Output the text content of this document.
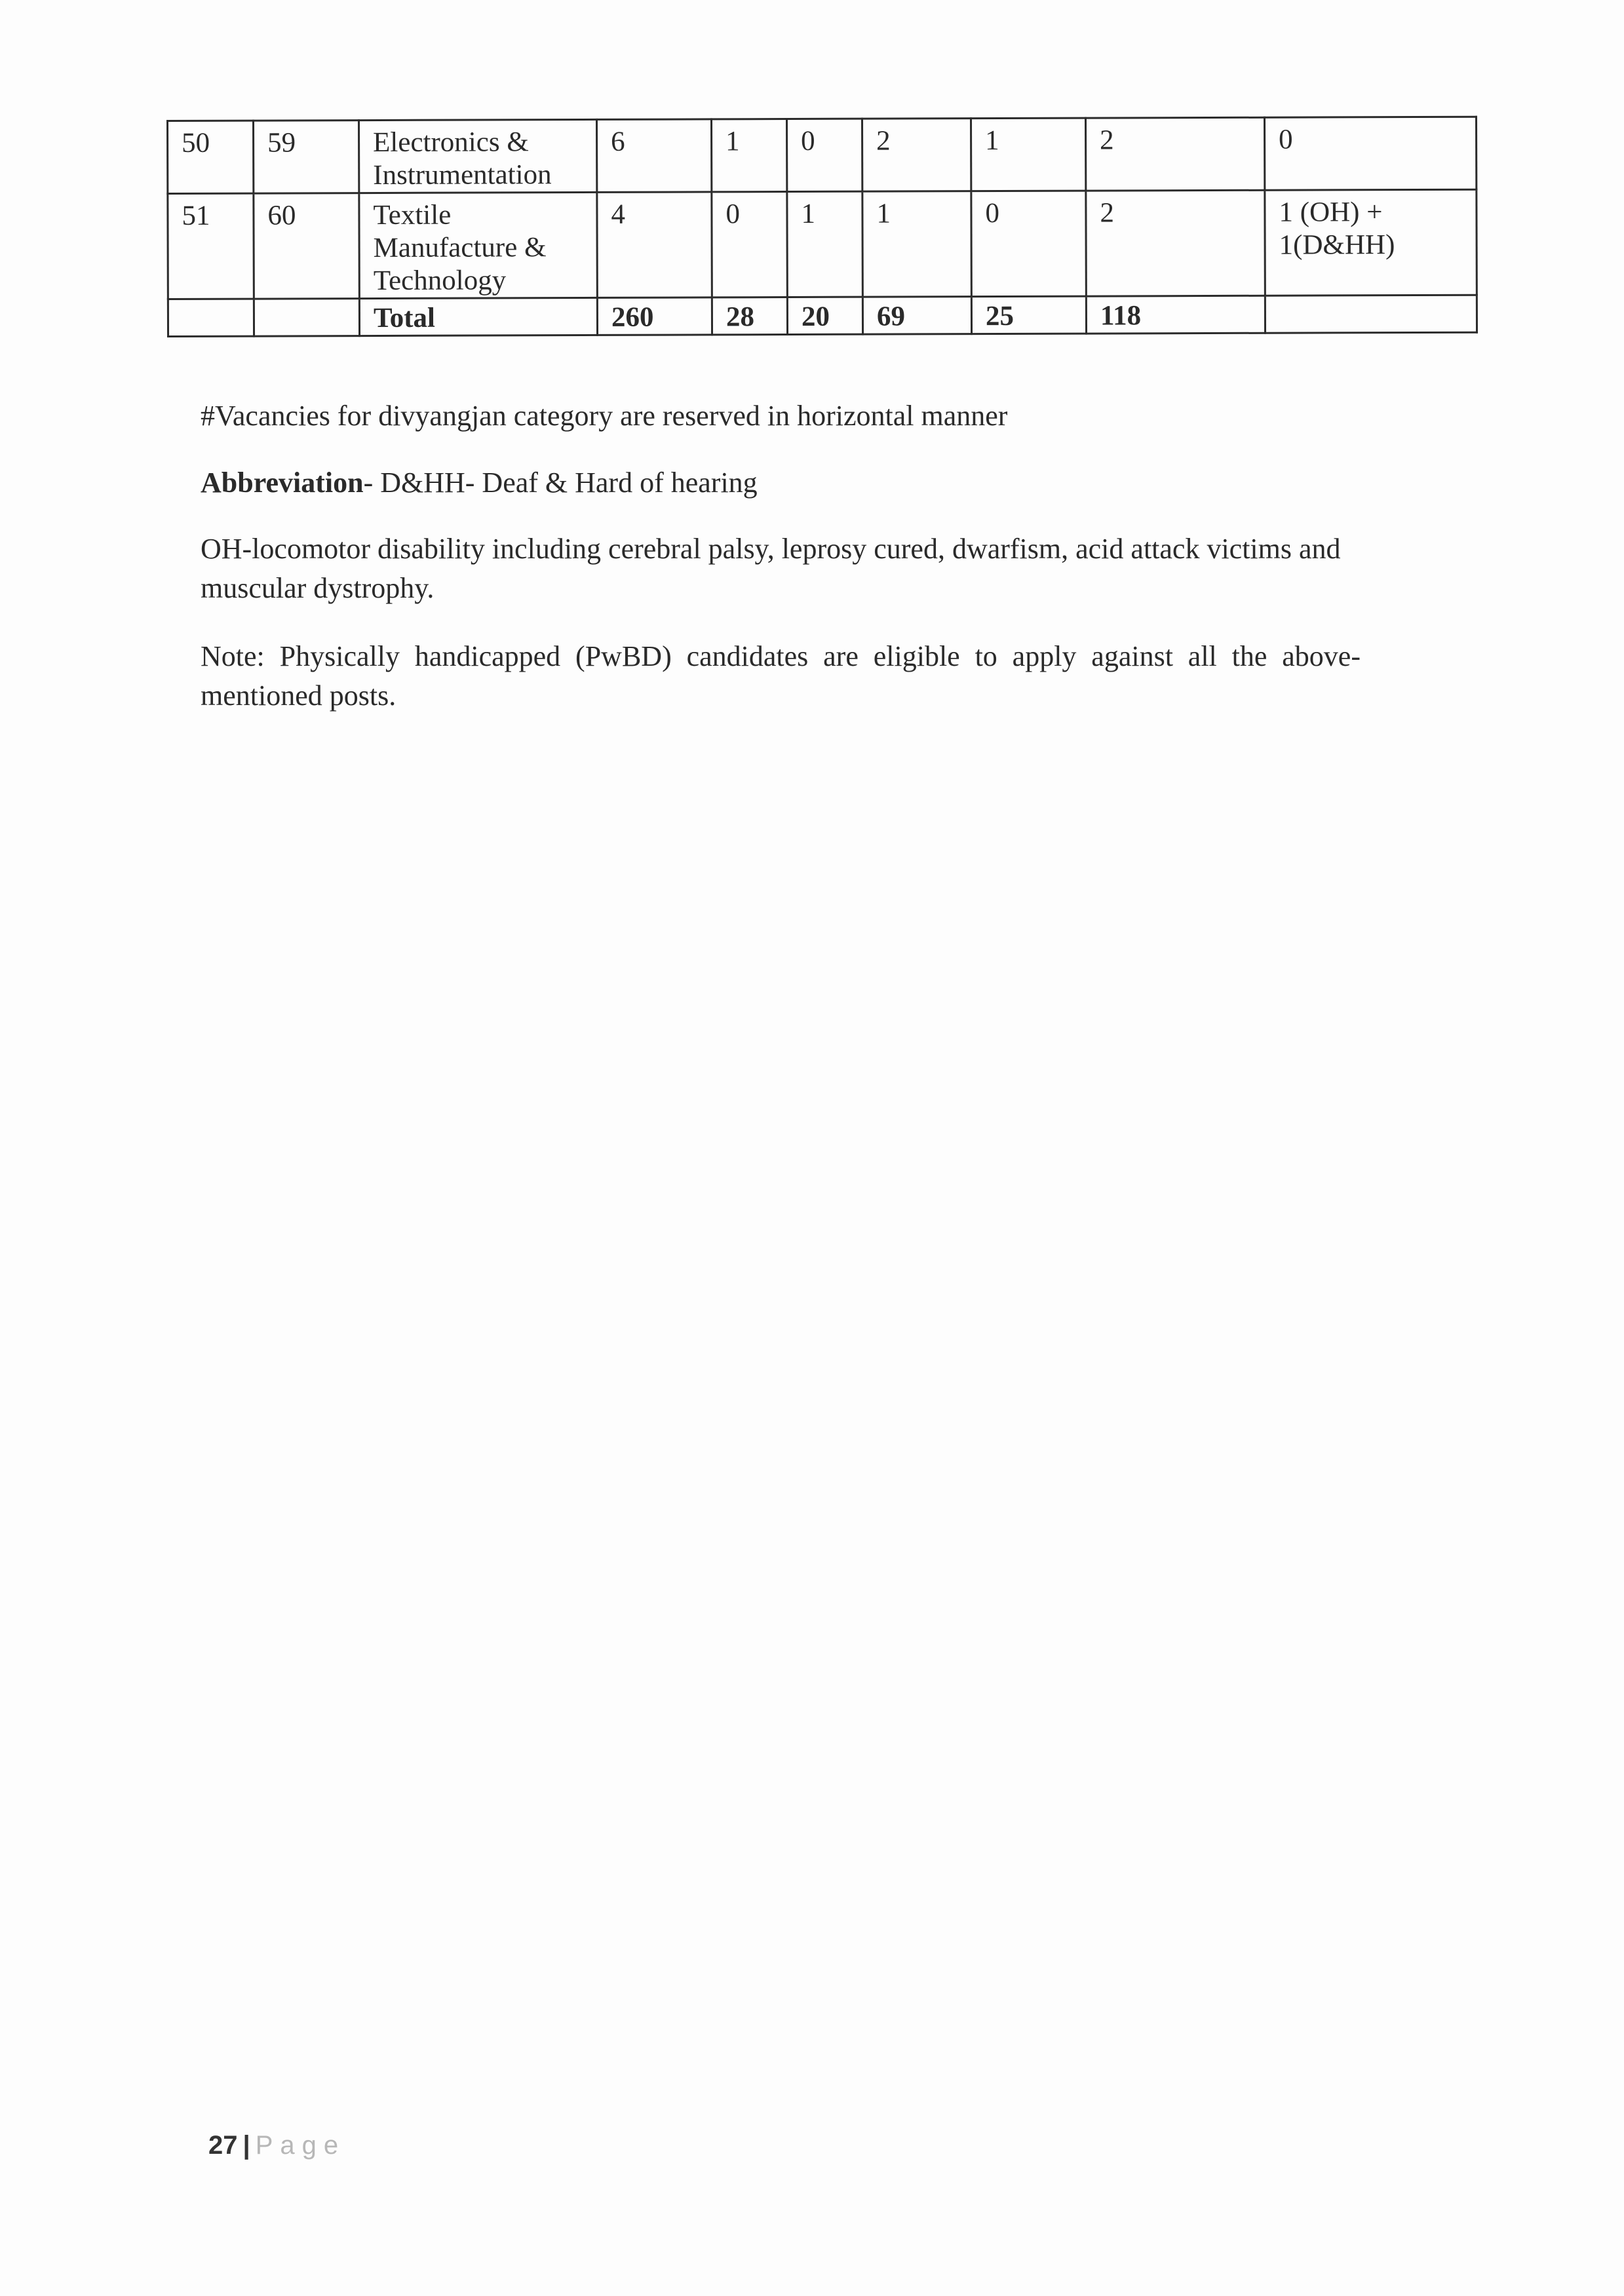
50	59	Electronics & Instrumentation	6	1	0	2	1	2	0
51	60	Textile Manufacture & Technology	4	0	1	1	0	2	1 (OH) + 1(D&HH)
		Total	260	28	20	69	25	118	
#Vacancies for divyangjan category are reserved in horizontal manner
Abbreviation- D&HH- Deaf & Hard of hearing
OH-locomotor disability including cerebral palsy, leprosy cured, dwarfism, acid attack victims and muscular dystrophy.
Note: Physically handicapped (PwBD) candidates are eligible to apply against all the above-mentioned posts.
27 | Page
